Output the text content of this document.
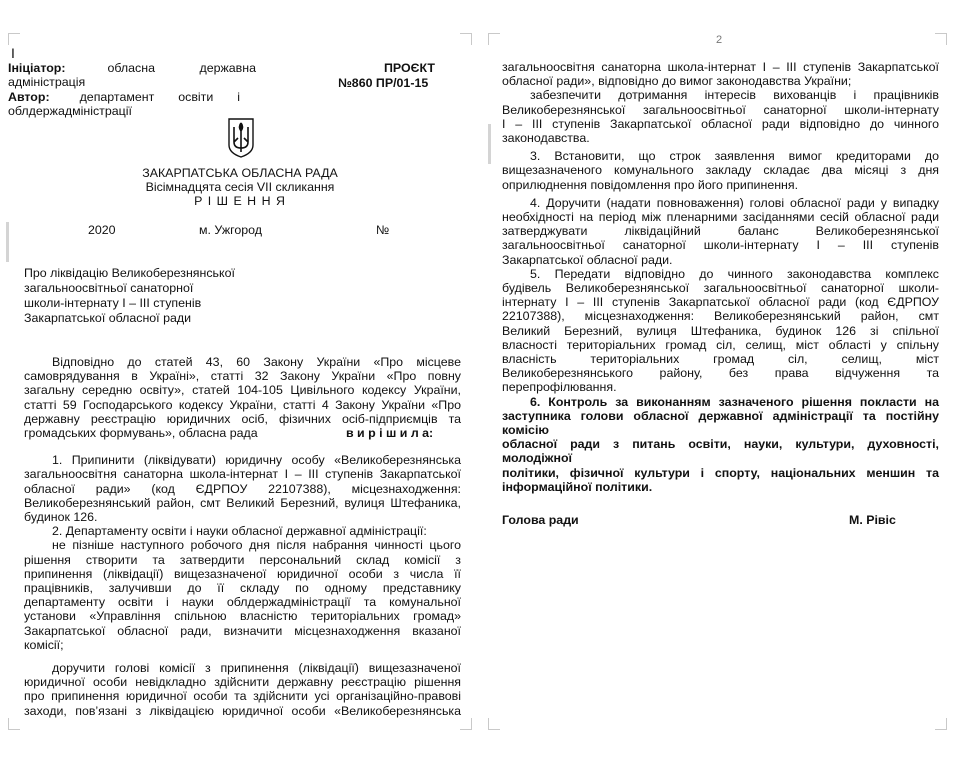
I
Ініціатор:	обласна державна
адміністрація
Автор: департамент освіти і
облдержадміністрації
ПРОЄКТ
№860 ПР/01-15
ЗАКАРПАТСЬКА ОБЛАСНА РАДА
Вісімнадцята сесія VII скликання
Р І Ш Е Н Н Я
2020	м. Ужгород	№
Про ліквідацію Великоберезнянської
загальноосвітньої санаторної
школи-інтернату I – III ступенів
Закарпатської обласної ради
Відповідно до статей 43, 60 Закону України «Про місцеве
самоврядування в Україні», статті 32 Закону України «Про повну
загальну середню освіту», статей 104-105 Цивільного кодексу України,
статті 59 Господарського кодексу України, статті 4 Закону України «Про
державну реєстрацію юридичних осіб, фізичних осіб-підприємців та
громадських формувань», обласна рада	в и р і ш и л а:
1. Припинити (ліквідувати) юридичну особу «Великоберезнянська
загальноосвітня санаторна школа-інтернат I – III ступенів Закарпатської
обласної ради» (код ЄДРПОУ 22107388), місцезнаходження:
Великоберезнянський район, смт Великий Березний, вулиця Штефаника,
будинок 126.
2. Департаменту освіти і науки обласної державної адміністрації:
не пізніше наступного робочого дня після набрання чинності цього
рішення створити та затвердити персональний склад комісії з
припинення (ліквідації) вищезазначеної юридичної особи з числа її
працівників, залучивши до її складу по одному представнику
департаменту освіти і науки облдержадміністрації та комунальної
установи «Управління спільною власністю територіальних громад»
Закарпатської обласної ради, визначити місцезнаходження вказаної
комісії;
доручити голові комісії з припинення (ліквідації) вищезазначеної
юридичної особи невідкладно здійснити державну реєстрацію рішення
про припинення юридичної особи та здійснити усі організаційно-правові
заходи, пов’язані з ліквідацією юридичної особи «Великоберезнянська
2
загальноосвітня санаторна школа-інтернат I – III ступенів Закарпатської
обласної ради», відповідно до вимог законодавства України;
забезпечити дотримання інтересів вихованців і працівників
Великоберезнянської загальноосвітньої санаторної школи-інтернату
I – III ступенів Закарпатської обласної ради відповідно до чинного
законодавства.
3. Встановити, що строк заявлення вимог кредиторами до
вищезазначеного комунального закладу складає два місяці з дня
оприлюднення повідомлення про його припинення.
4. Доручити (надати повноваження) голові обласної ради у випадку
необхідності на період між пленарними засіданнями сесій обласної ради
затверджувати ліквідаційний баланс Великоберезнянської
загальноосвітньої санаторної школи-інтернату I – III ступенів
Закарпатської обласної ради.
5. Передати відповідно до чинного законодавства комплекс
будівель Великоберезнянської загальноосвітньої санаторної школи-
інтернату I – III ступенів Закарпатської обласної ради (код ЄДРПОУ
22107388), місцезнаходження: Великоберезнянський район, смт
Великий Березний, вулиця Штефаника, будинок 126 зі спільної
власності територіальних громад сіл, селищ, міст області у спільну
власність територіальних громад сіл, селищ, міст
Великоберезнянського району, без права відчуження та
перепрофілювання.
6. Контроль за виконанням зазначеного рішення покласти на
заступника голови обласної державної адміністрації та постійну комісію
обласної ради з питань освіти, науки, культури, духовності, молодіжної
політики, фізичної культури і спорту, національних меншин та
інформаційної політики.
Голова ради	М. Рівіс
